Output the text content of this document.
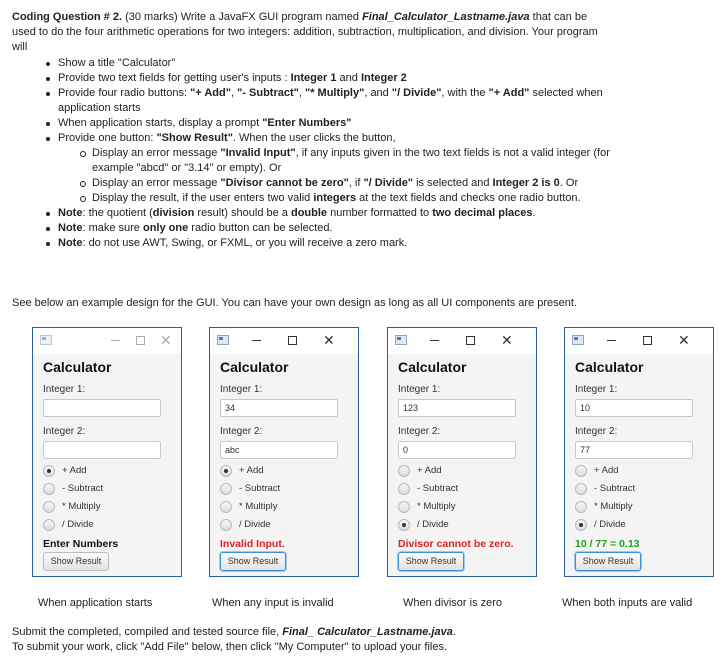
Coding Question # 2. (30 marks) Write a JavaFX GUI program named Final_Calculator_Lastname.java that can be used to do the four arithmetic operations for two integers: addition, subtraction, multiplication, and division. Your program will
Show a title "Calculator"
Provide two text fields for getting user's inputs : Integer 1 and Integer 2
Provide four radio buttons: "+ Add", "- Subtract", "* Multiply", and "/ Divide", with the "+ Add" selected when application starts
When application starts, display a prompt "Enter Numbers"
Provide one button: "Show Result". When the user clicks the button,
Display an error message "Invalid Input", if any inputs given in the two text fields is not a valid integer (for example "abcd" or "3.14" or empty). Or
Display an error message "Divisor cannot be zero", if "/ Divide" is selected and Integer 2 is 0. Or
Display the result, if the user enters two valid integers at the text fields and checks one radio button.
Note: the quotient (division result) should be a double number formatted to two decimal places.
Note: make sure only one radio button can be selected.
Note: do not use AWT, Swing, or FXML, or you will receive a zero mark.
See below an example design for the GUI. You can have your own design as long as all UI components are present.
✕
Calculator
Integer 1:
Integer 2:
+ Add
- Subtract
* Multiply
/ Divide
Enter Numbers
Show Result
✕
Calculator
Integer 1:
34
Integer 2:
abc
+ Add
- Subtract
* Multiply
/ Divide
Invalid Input.
Show Result
✕
Calculator
Integer 1:
123
Integer 2:
0
+ Add
- Subtract
* Multiply
/ Divide
Divisor cannot be zero.
Show Result
✕
Calculator
Integer 1:
10
Integer 2:
77
+ Add
- Subtract
* Multiply
/ Divide
10 / 77 = 0.13
Show Result
When application starts	When any input is invalid	When divisor is zero	When both inputs are valid
Submit the completed, compiled and tested source file, Final_ Calculator_Lastname.java.
To submit your work, click "Add File" below, then click "My Computer" to upload your files.
